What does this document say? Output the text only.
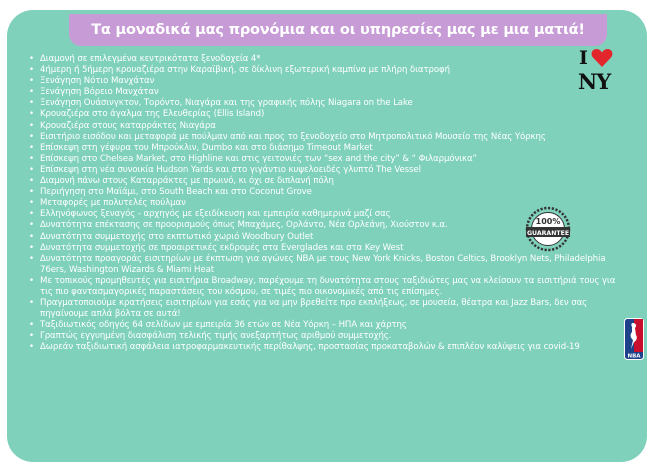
Τα μοναδικά μας προνόμια και οι υπηρεσίες μας με μια ματιά!
• Διαμονή σε επιλεγμένα κεντρικότατα ξενοδοχεία 4*
• 4ήμερη ή 5ήμερη κρουαζιέρα στην Καραϊβική, σε δίκλινη εξωτερική καμπίνα με πλήρη διατροφή
• Ξενάγηση Νότιο Μανχάταν
• Ξενάγηση Βόρειο Μανχάταν
• Ξενάγηση Ουάσινγκτον, Τορόντο, Νιαγάρα και της γραφικής πόλης Niagara on the Lake
• Κρουαζιέρα στο άγαλμα της Ελευθερίας (Ellis Island)
• Κρουαζιέρα στους καταρράκτες Νιαγάρα
• Εισιτήριο εισόδου και μεταφορά με πούλμαν από και προς το ξενοδοχείο στο Μητροπολιτικό Μουσείο της Νέας Υόρκης
• Επίσκεψη στη γέφυρα του Μπρούκλιν, Dumbo και στο διάσημο Timeout Market
• Επίσκεψη στο Chelsea Market, στο Highline και στις γειτονιές των “sex and the city” & “ Φιλαρμόνικα”
• Επίσκεψη στη νέα συνοικία Hudson Yards και στο γιγάντιο κυψελοειδές γλυπτό The Vessel
• Διαμονή πάνω στους Καταρράκτες με πρωινό, κι όχι σε διπλανή πόλη
• Περιήγηση στο Μαϊάμι, στο South Beach και στο Coconut Grove
• Μεταφορές με πολυτελές πούλμαν
• Ελληνόφωνος ξεναγός - αρχηγός με εξειδίκευση και εμπειρία καθημερινά μαζί σας
• Δυνατότητα επέκτασης σε προορισμούς όπως Μπαχάμες, Ορλάντο, Νέα Ορλεάνη, Χιούστον κ.α.
• Δυνατότητα συμμετοχής στο εκπτωτικό χωριό Woodbury Outlet
• Δυνατότητα συμμετοχής σε προαιρετικές εκδρομές στα Everglades και στα Key West
• Δυνατότητα προαγοράς εισιτηρίων με έκπτωση για αγώνες NBA με τους New York Knicks, Boston Celtics, Brooklyn Nets, Philadelphia 76ers, Washington Wizards & Miami Heat
• Με τοπικούς προμηθευτές για εισιτήρια Broadway, παρέχουμε τη δυνατότητα στους ταξιδιώτες μας να κλείσουν τα εισιτήριά τους για τις πιο φαντασμαγορικές παραστάσεις του κόσμου, σε τιμές πιο οικονομικές από τις επίσημες.
• Πραγματοποιούμε κρατήσεις εισιτηρίων για εσάς για να μην βρεθείτε προ εκπλήξεως, σε μουσεία, θέατρα και Jazz Bars, δεν σας πηγαίνουμε απλά βόλτα σε αυτά!
• Ταξιδιωτικός οδηγός 64 σελίδων με εμπειρία 36 ετών σε Νέα Υόρκη – ΗΠΑ και χάρτης
• Γραπτώς εγγυημένη διασφάλιση τελικής τιμής ανεξαρτήτως αριθμού συμμετοχής.
• Δωρεάν ταξιδιωτική ασφάλεια ιατροφαρμακευτικής περίθαλψης, προστασίας προκαταβολών & επιπλέον καλύψεις για covid-19
I
NY
100%
GUARANTEE
NBA
